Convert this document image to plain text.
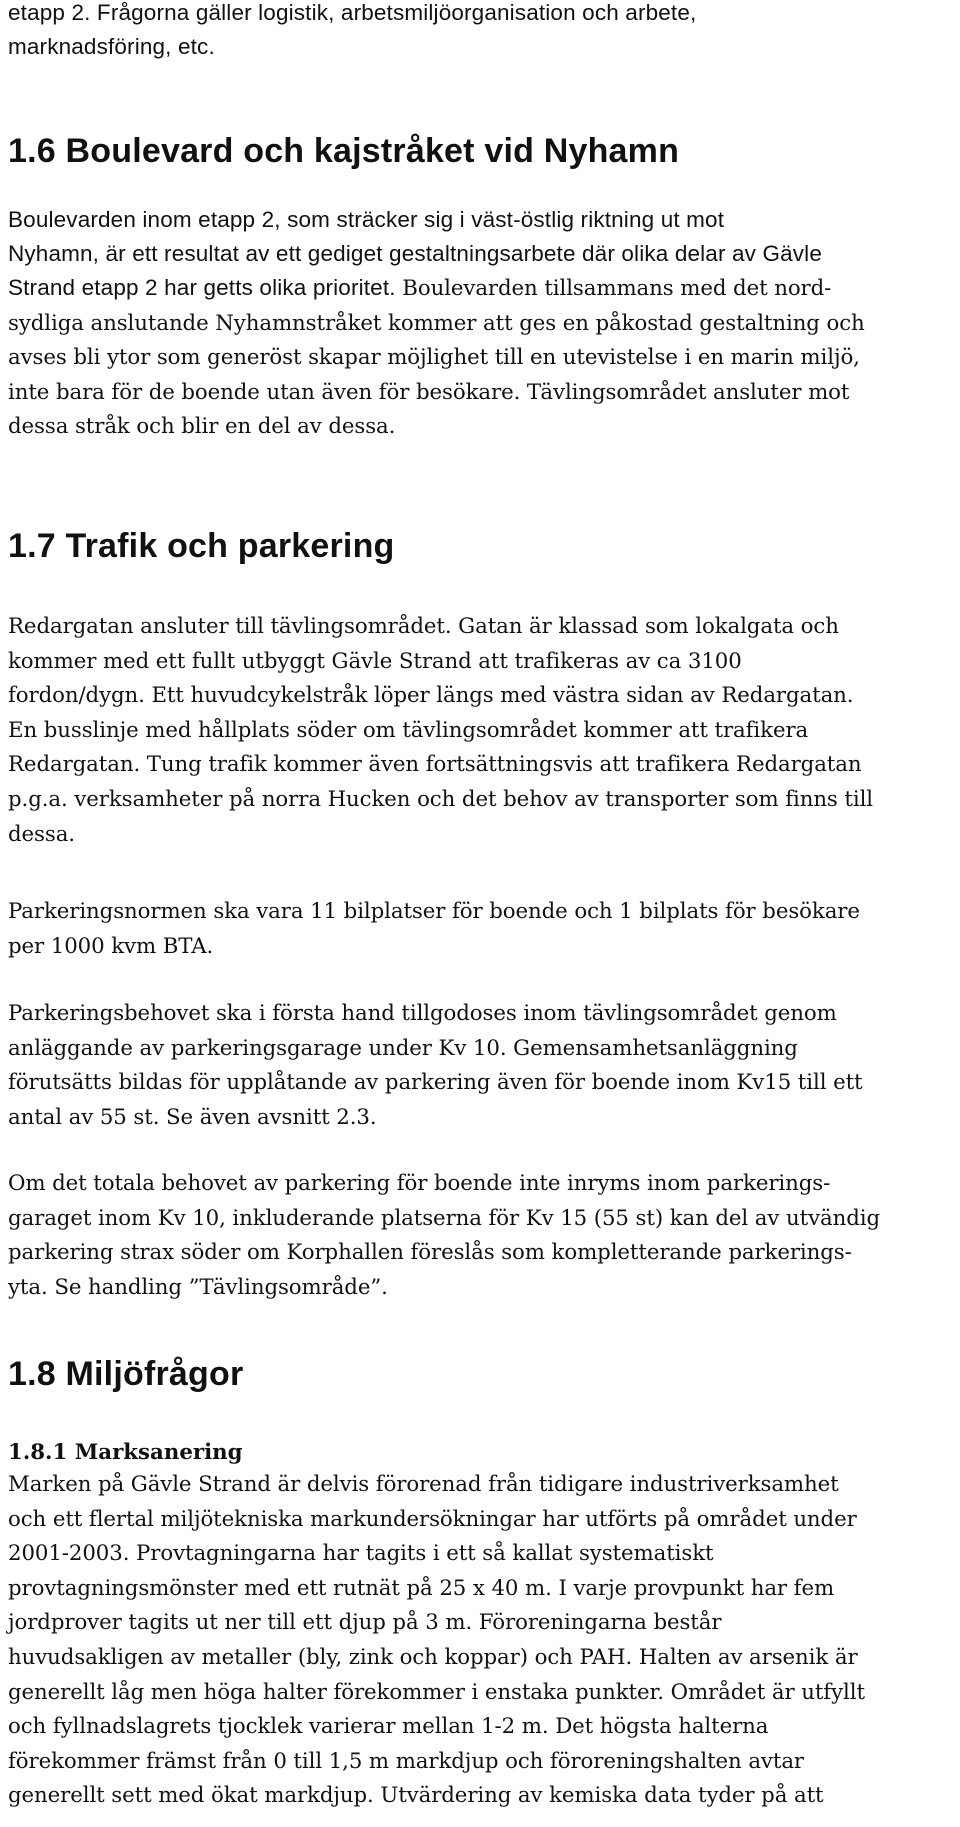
etapp 2. Frågorna gäller logistik, arbetsmiljöorganisation och arbete,
marknadsföring, etc.
1.6 Boulevard och kajstråket vid Nyhamn
Boulevarden inom etapp 2, som sträcker sig i väst-östlig riktning ut mot
Nyhamn, är ett resultat av ett gediget gestaltningsarbete där olika delar av Gävle
Strand etapp 2 har getts olika prioritet. Boulevarden tillsammans med det nord-
sydliga anslutande Nyhamnstråket kommer att ges en påkostad gestaltning och
avses bli ytor som generöst skapar möjlighet till en utevistelse i en marin miljö,
inte bara för de boende utan även för besökare. Tävlingsområdet ansluter mot
dessa stråk och blir en del av dessa.
1.7 Trafik och parkering
Redargatan ansluter till tävlingsområdet. Gatan är klassad som lokalgata och
kommer med ett fullt utbyggt Gävle Strand att trafikeras av ca 3100
fordon/dygn. Ett huvudcykelstråk löper längs med västra sidan av Redargatan.
En busslinje med hållplats söder om tävlingsområdet kommer att trafikera
Redargatan. Tung trafik kommer även fortsättningsvis att trafikera Redargatan
p.g.a. verksamheter på norra Hucken och det behov av transporter som finns till
dessa.
Parkeringsnormen ska vara 11 bilplatser för boende och 1 bilplats för besökare
per 1000 kvm BTA.
Parkeringsbehovet ska i första hand tillgodoses inom tävlingsområdet genom
anläggande av parkeringsgarage under Kv 10. Gemensamhetsanläggning
förutsätts bildas för upplåtande av parkering även för boende inom Kv15 till ett
antal av 55 st. Se även avsnitt 2.3.
Om det totala behovet av parkering för boende inte inryms inom parkerings-
garaget inom Kv 10, inkluderande platserna för Kv 15 (55 st) kan del av utvändig
parkering strax söder om Korphallen föreslås som kompletterande parkerings-
yta. Se handling ”Tävlingsområde”.
1.8 Miljöfrågor
1.8.1 Marksanering
Marken på Gävle Strand är delvis förorenad från tidigare industriverksamhet
och ett flertal miljötekniska markundersökningar har utförts på området under
2001-2003. Provtagningarna har tagits i ett så kallat systematiskt
provtagningsmönster med ett rutnät på 25 x 40 m. I varje provpunkt har fem
jordprover tagits ut ner till ett djup på 3 m. Föroreningarna består
huvudsakligen av metaller (bly, zink och koppar) och PAH. Halten av arsenik är
generellt låg men höga halter förekommer i enstaka punkter. Området är utfyllt
och fyllnadslagrets tjocklek varierar mellan 1-2 m. Det högsta halterna
förekommer främst från 0 till 1,5 m markdjup och föroreningshalten avtar
generellt sett med ökat markdjup. Utvärdering av kemiska data tyder på att
